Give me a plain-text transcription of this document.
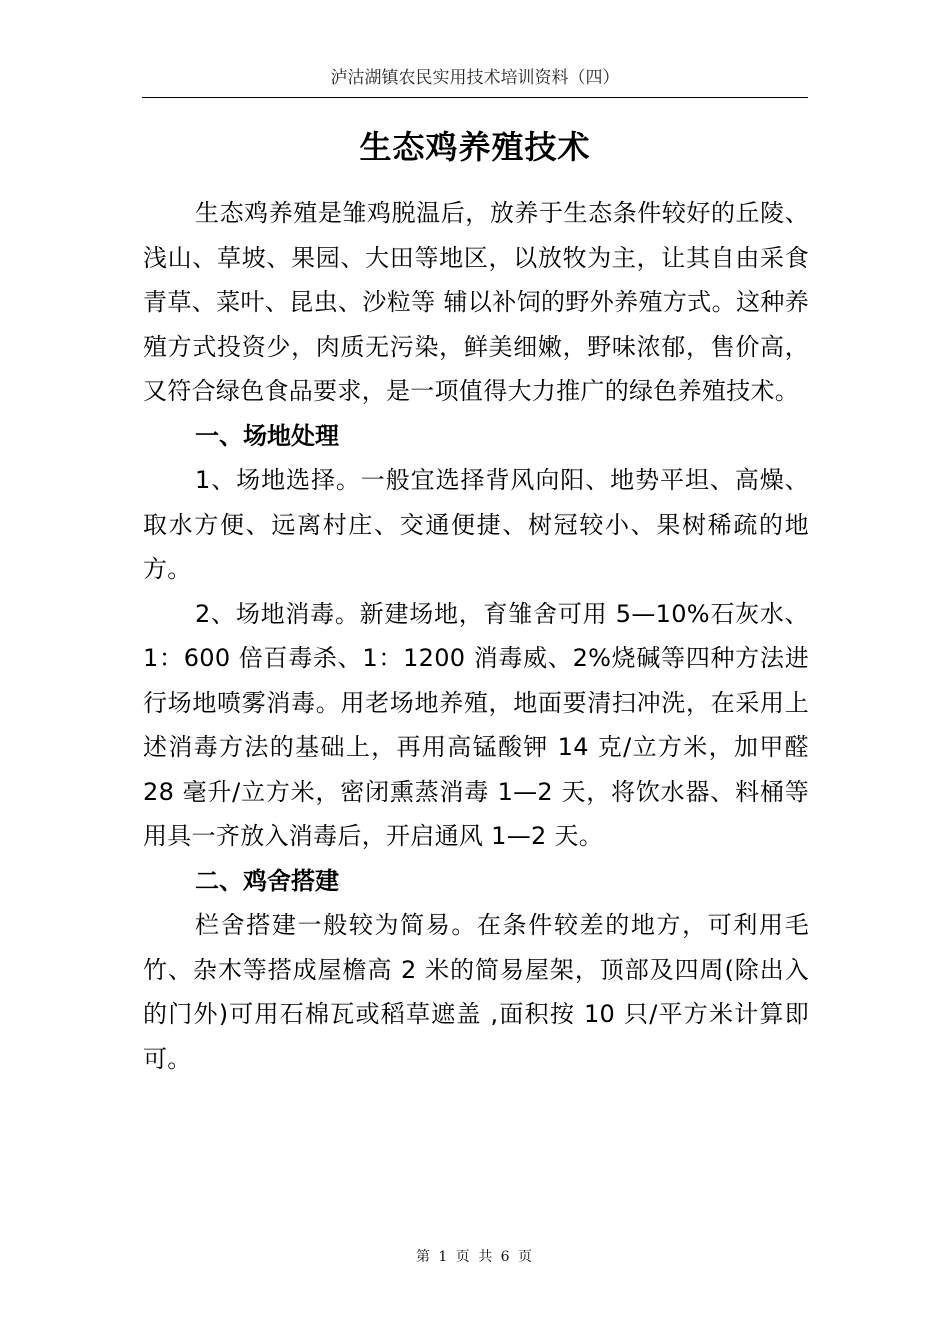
泸沽湖镇农民实用技术培训资料（四）
生态鸡养殖技术

生态鸡养殖是雏鸡脱温后，放养于生态条件较好的丘陵、浅山、草坡、果园、大田等地区，以放牧为主，让其自由采食青草、菜叶、昆虫、沙粒等 辅以补饲的野外养殖方式。这种养殖方式投资少，肉质无污染，鲜美细嫩，野味浓郁，售价高，又符合绿色食品要求，是一项值得大力推广的绿色养殖技术。

一、场地处理

1、场地选择。一般宜选择背风向阳、地势平坦、高燥、取水方便、远离村庄、交通便捷、树冠较小、果树稀疏的地方。

2、场地消毒。新建场地，育雏舍可用 5—10%石灰水、1：600 倍百毒杀、1：1200 消毒威、2%烧碱等四种方法进行场地喷雾消毒。用老场地养殖，地面要清扫冲洗，在采用上述消毒方法的基础上，再用高锰酸钾 14 克/立方米，加甲醛 28 毫升/立方米，密闭熏蒸消毒 1—2 天，将饮水器、料桶等用具一齐放入消毒后，开启通风 1—2 天。

二、鸡舍搭建

栏舍搭建一般较为简易。在条件较差的地方，可利用毛竹、杂木等搭成屋檐高 2 米的简易屋架，顶部及四周(除出入的门外)可用石棉瓦或稻草遮盖 ,面积按 10 只/平方米计算即可。

第 1 页 共 6 页
